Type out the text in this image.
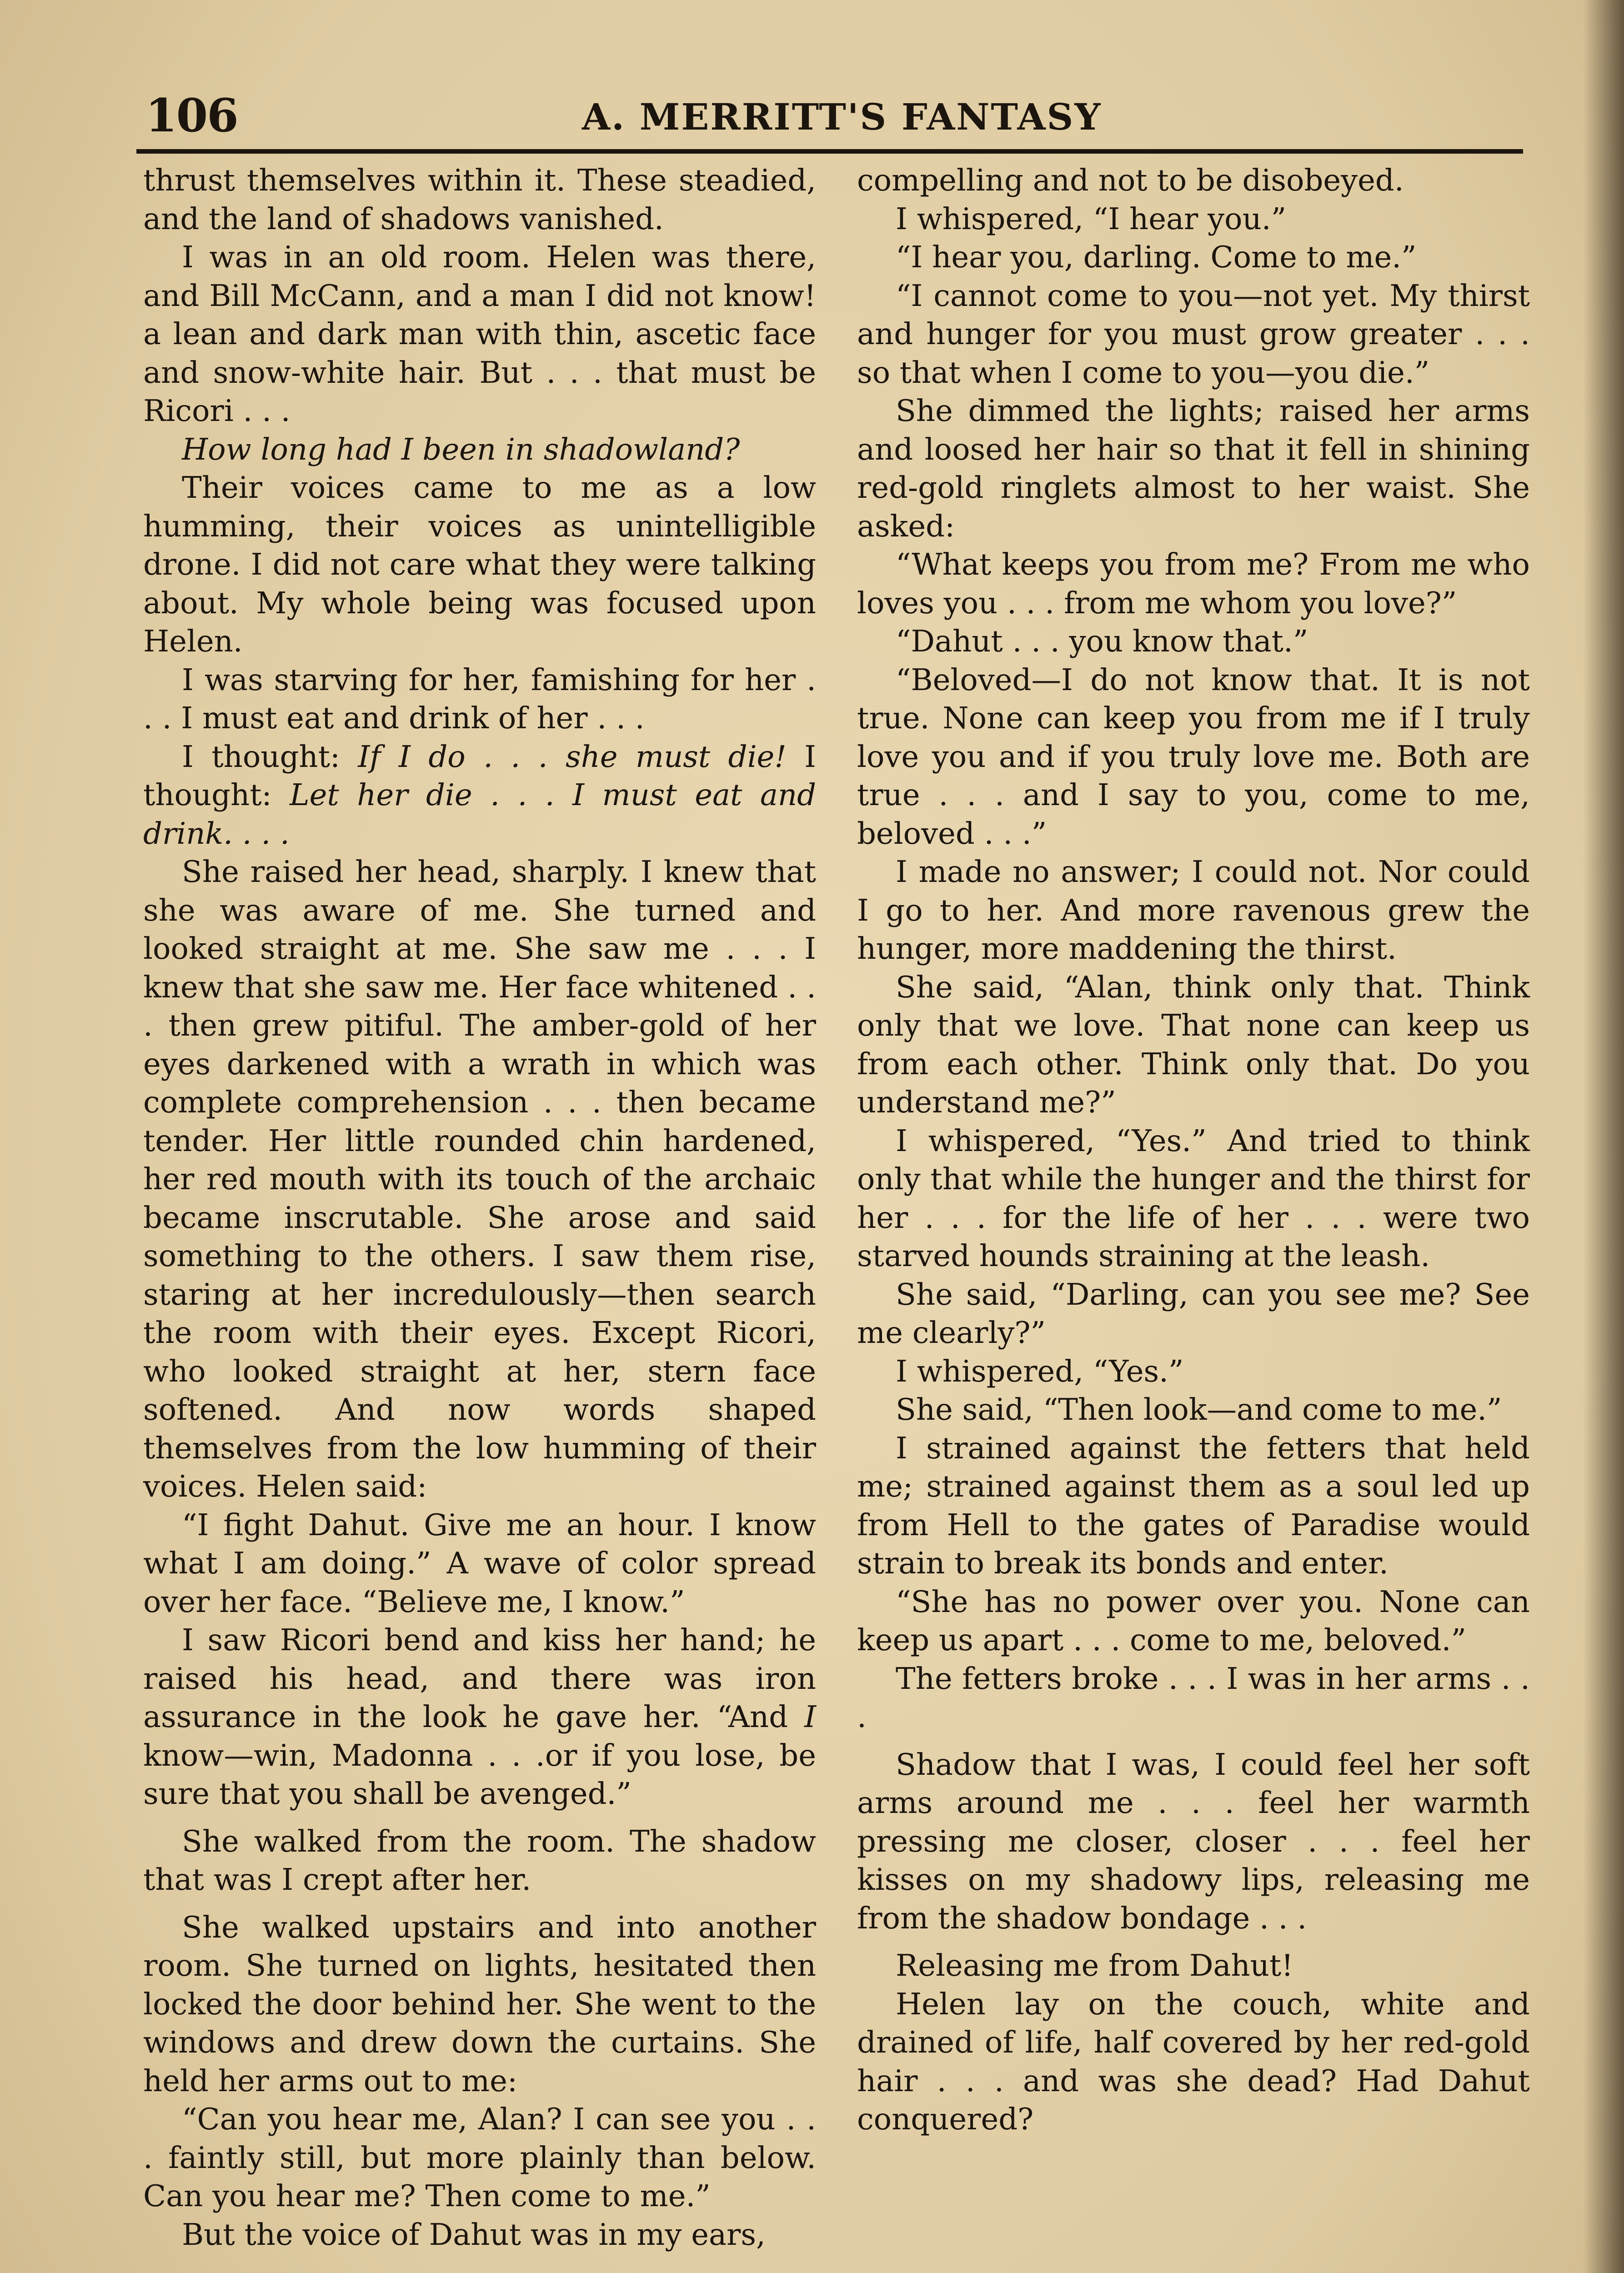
106	A. MERRITT'S FANTASY

thrust themselves within it. These steadied, and the land of shadows vanished.

I was in an old room. Helen was there, and Bill McCann, and a man I did not know! a lean and dark man with thin, ascetic face and snow-white hair. But . . . that must be Ricori . . .

How long had I been in shadowland?

Their voices came to me as a low humming, their voices as unintelligible drone. I did not care what they were talking about. My whole being was focused upon Helen.

I was starving for her, famishing for her . . . I must eat and drink of her . . .

I thought: If I do . . . she must die! I thought: Let her die . . . I must eat and drink. . . .

She raised her head, sharply. I knew that she was aware of me. She turned and looked straight at me. She saw me . . . I knew that she saw me. Her face whitened . . . then grew pitiful. The amber-gold of her eyes darkened with a wrath in which was complete comprehension . . . then became tender. Her little rounded chin hardened, her red mouth with its touch of the archaic became inscrutable. She arose and said something to the others. I saw them rise, staring at her incredulously—then search the room with their eyes. Except Ricori, who looked straight at her, stern face softened. And now words shaped themselves from the low humming of their voices. Helen said:

“I fight Dahut. Give me an hour. I know what I am doing.” A wave of color spread over her face. “Believe me, I know.”

I saw Ricori bend and kiss her hand; he raised his head, and there was iron assurance in the look he gave her. “And I know—win, Madonna . . .or if you lose, be sure that you shall be avenged.”

She walked from the room. The shadow that was I crept after her.

She walked upstairs and into another room. She turned on lights, hesitated then locked the door behind her. She went to the windows and drew down the curtains. She held her arms out to me:

“Can you hear me, Alan? I can see you . . . faintly still, but more plainly than below. Can you hear me? Then come to me.”

But the voice of Dahut was in my ears,

compelling and not to be disobeyed.

I whispered, “I hear you.”

“I hear you, darling. Come to me.”

“I cannot come to you—not yet. My thirst and hunger for you must grow greater . . . so that when I come to you—you die.”

She dimmed the lights; raised her arms and loosed her hair so that it fell in shining red-gold ringlets almost to her waist. She asked:

“What keeps you from me? From me who loves you . . . from me whom you love?”

“Dahut . . . you know that.”

“Beloved—I do not know that. It is not true. None can keep you from me if I truly love you and if you truly love me. Both are true . . . and I say to you, come to me, beloved . . .”

I made no answer; I could not. Nor could I go to her. And more ravenous grew the hunger, more maddening the thirst.

She said, “Alan, think only that. Think only that we love. That none can keep us from each other. Think only that. Do you understand me?”

I whispered, “Yes.” And tried to think only that while the hunger and the thirst for her . . . for the life of her . . . were two starved hounds straining at the leash.

She said, “Darling, can you see me? See me clearly?”

I whispered, “Yes.”

She said, “Then look—and come to me.”

I strained against the fetters that held me; strained against them as a soul led up from Hell to the gates of Paradise would strain to break its bonds and enter.

“She has no power over you. None can keep us apart . . . come to me, beloved.”

The fetters broke . . . I was in her arms . . .

Shadow that I was, I could feel her soft arms around me . . . feel her warmth pressing me closer, closer . . . feel her kisses on my shadowy lips, releasing me from the shadow bondage . . .

Releasing me from Dahut!

Helen lay on the couch, white and drained of life, half covered by her red-gold hair . . . and was she dead? Had Dahut conquered?
